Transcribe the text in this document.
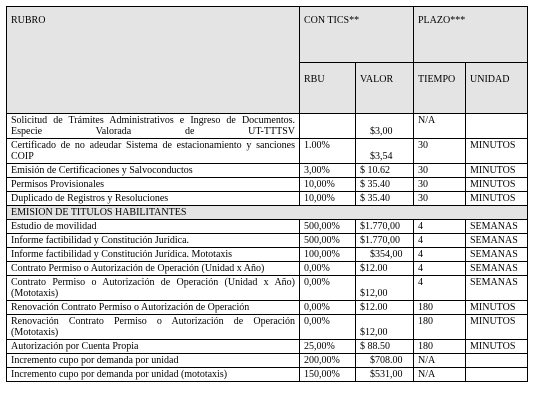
RUBRO	CON TICS**		PLAZO***	
	RBU	VALOR	TIEMPO	UNIDAD

Solicitud de Trámites Administrativos e Ingreso de Documentos.
Especie Valorada de UT-TTTSV		$3,00	N/A	

Certificado de no adeudar Sistema de estacionamiento y sanciones
COIP	1.00%	$3,54	30	MINUTOS
Emisión de Certificaciones y Salvoconductos	3,00%	$ 10.62	30	MINUTOS
Permisos Provisionales	10,00%	$ 35.40	30	MINUTOS
Duplicado de Registros y Resoluciones	10,00%	$ 35.40	30	MINUTOS
EMISION DE TITULOS HABILITANTES				
Estudio de movilidad	500,00%	$1.770,00	4	SEMANAS
Informe factibilidad y Constitución Jurídica.	500,00%	$1.770,00	4	SEMANAS
Informe factibilidad y Constitución Jurídica. Mototaxis	100,00%	$354,00	4	SEMANAS
Contrato Permiso o Autorización de Operación (Unidad x Año)	0,00%	$12.00	4	SEMANAS

Contrato Permiso o Autorización de Operación (Unidad x Año)
(Mototaxis)	0,00%	$12,00	4	SEMANAS
Renovación Contrato Permiso o Autorización de Operación	0,00%	$12.00	180	MINUTOS

Renovación Contrato Permiso o Autorización de Operación
(Mototaxis)	0,00%	$12,00	180	MINUTOS
Autorización por Cuenta Propia	25,00%	$ 88.50	180	MINUTOS
Incremento cupo por demanda por unidad	200,00%	$708.00	N/A	
Incremento cupo por demanda por unidad (mototaxis)	150,00%	$531,00	N/A	
